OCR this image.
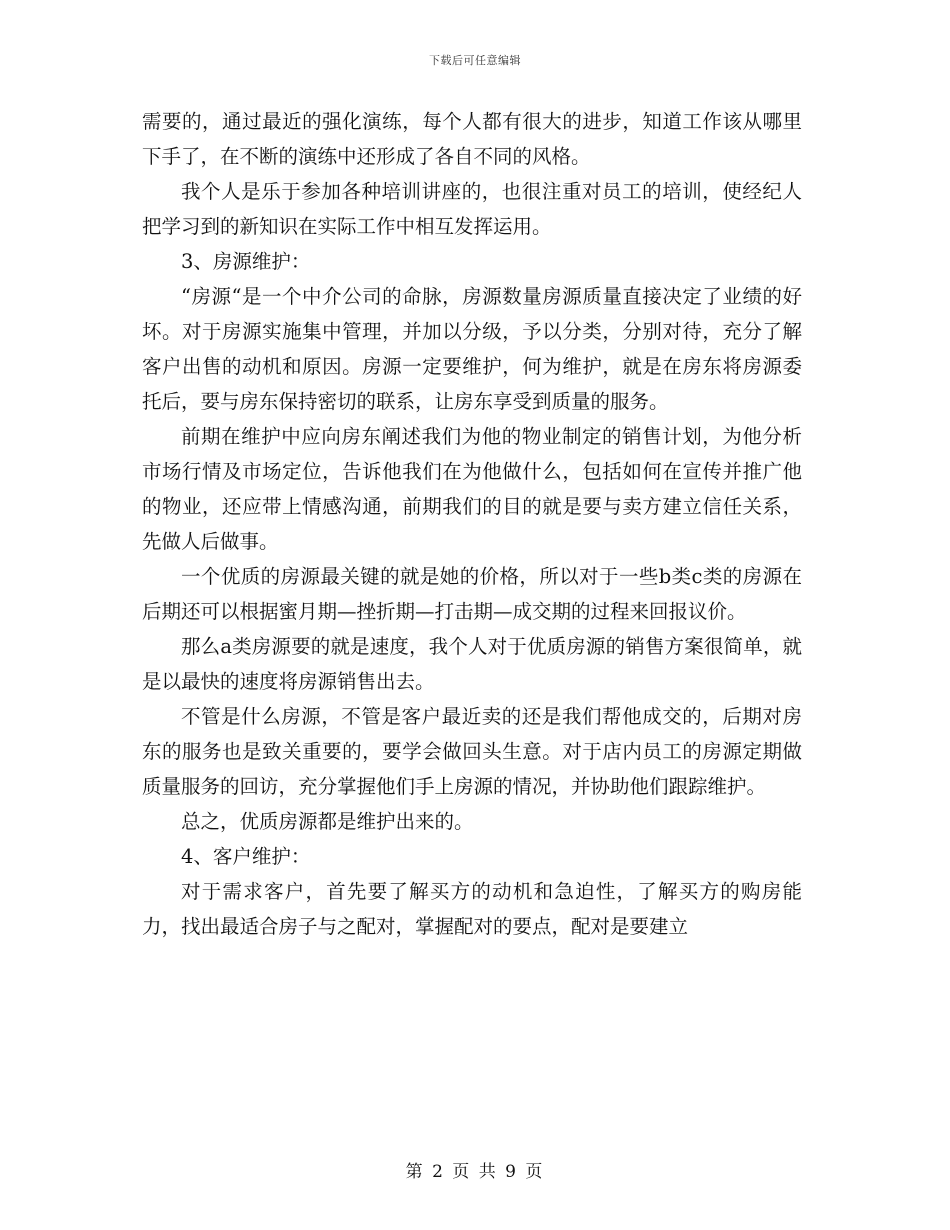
下载后可任意编辑

需要的，通过最近的强化演练，每个人都有很大的进步，知道工作该从哪里下手了，在不断的演练中还形成了各自不同的风格。

我个人是乐于参加各种培训讲座的，也很注重对员工的培训，使经纪人把学习到的新知识在实际工作中相互发挥运用。

3、房源维护：

“房源“是一个中介公司的命脉，房源数量房源质量直接决定了业绩的好坏。对于房源实施集中管理，并加以分级，予以分类，分别对待，充分了解客户出售的动机和原因。房源一定要维护，何为维护，就是在房东将房源委托后，要与房东保持密切的联系，让房东享受到质量的服务。

前期在维护中应向房东阐述我们为他的物业制定的销售计划，为他分析市场行情及市场定位，告诉他我们在为他做什么，包括如何在宣传并推广他的物业，还应带上情感沟通，前期我们的目的就是要与卖方建立信任关系，先做人后做事。

一个优质的房源最关键的就是她的价格，所以对于一些b类c类的房源在后期还可以根据蜜月期—挫折期—打击期—成交期的过程来回报议价。

那么a类房源要的就是速度，我个人对于优质房源的销售方案很简单，就是以最快的速度将房源销售出去。

不管是什么房源，不管是客户最近卖的还是我们帮他成交的，后期对房东的服务也是致关重要的，要学会做回头生意。对于店内员工的房源定期做质量服务的回访，充分掌握他们手上房源的情况，并协助他们跟踪维护。

总之，优质房源都是维护出来的。

4、客户维护：

对于需求客户，首先要了解买方的动机和急迫性，了解买方的购房能力，找出最适合房子与之配对，掌握配对的要点，配对是要建立

第 2 页 共 9 页
